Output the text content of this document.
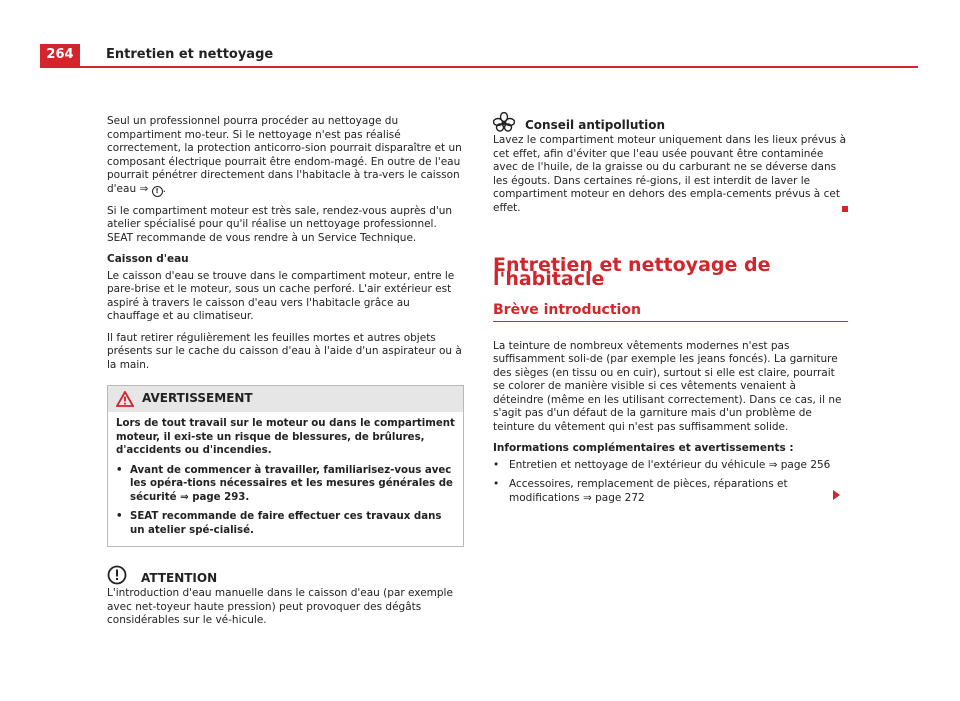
264	Entretien et nettoyage

Seul un professionnel pourra procéder au nettoyage du compartiment mo-teur. Si le nettoyage n'est pas réalisé correctement, la protection anticorro-sion pourrait disparaître et un composant électrique pourrait être endom-magé. En outre de l'eau pourrait pénétrer directement dans l'habitacle à tra-vers le caisson d'eau ⇒ ! .

Si le compartiment moteur est très sale, rendez-vous auprès d'un atelier spécialisé pour qu'il réalise un nettoyage professionnel. SEAT recommande de vous rendre à un Service Technique.

Caisson d'eau

Le caisson d'eau se trouve dans le compartiment moteur, entre le pare-brise et le moteur, sous un cache perforé. L'air extérieur est aspiré à travers le caisson d'eau vers l'habitacle grâce au chauffage et au climatiseur.

Il faut retirer régulièrement les feuilles mortes et autres objets présents sur le cache du caisson d'eau à l'aide d'un aspirateur ou à la main.

AVERTISSEMENT

Lors de tout travail sur le moteur ou dans le compartiment moteur, il exi-ste un risque de blessures, de brûlures, d'accidents ou d'incendies.

• Avant de commencer à travailler, familiarisez-vous avec les opéra-tions nécessaires et les mesures générales de sécurité ⇒ page 293.

• SEAT recommande de faire effectuer ces travaux dans un atelier spé-cialisé.

ATTENTION

L'introduction d'eau manuelle dans le caisson d'eau (par exemple avec net-toyeur haute pression) peut provoquer des dégâts considérables sur le vé-hicule.

Conseil antipollution

Lavez le compartiment moteur uniquement dans les lieux prévus à cet effet, afin d'éviter que l'eau usée pouvant être contaminée avec de l'huile, de la graisse ou du carburant ne se déverse dans les égouts. Dans certaines ré-gions, il est interdit de laver le compartiment moteur en dehors des empla-cements prévus à cet effet.

Entretien et nettoyage de l'habitacle
Brève introduction

La teinture de nombreux vêtements modernes n'est pas suffisamment soli-de (par exemple les jeans foncés). La garniture des sièges (en tissu ou en cuir), surtout si elle est claire, pourrait se colorer de manière visible si ces vêtements venaient à déteindre (même en les utilisant correctement). Dans ce cas, il ne s'agit pas d'un défaut de la garniture mais d'un problème de teinture du vêtement qui n'est pas suffisamment solide.

Informations complémentaires et avertissements :
• Entretien et nettoyage de l'extérieur du véhicule ⇒ page 256
• Accessoires, remplacement de pièces, réparations et modifications ⇒ page 272
